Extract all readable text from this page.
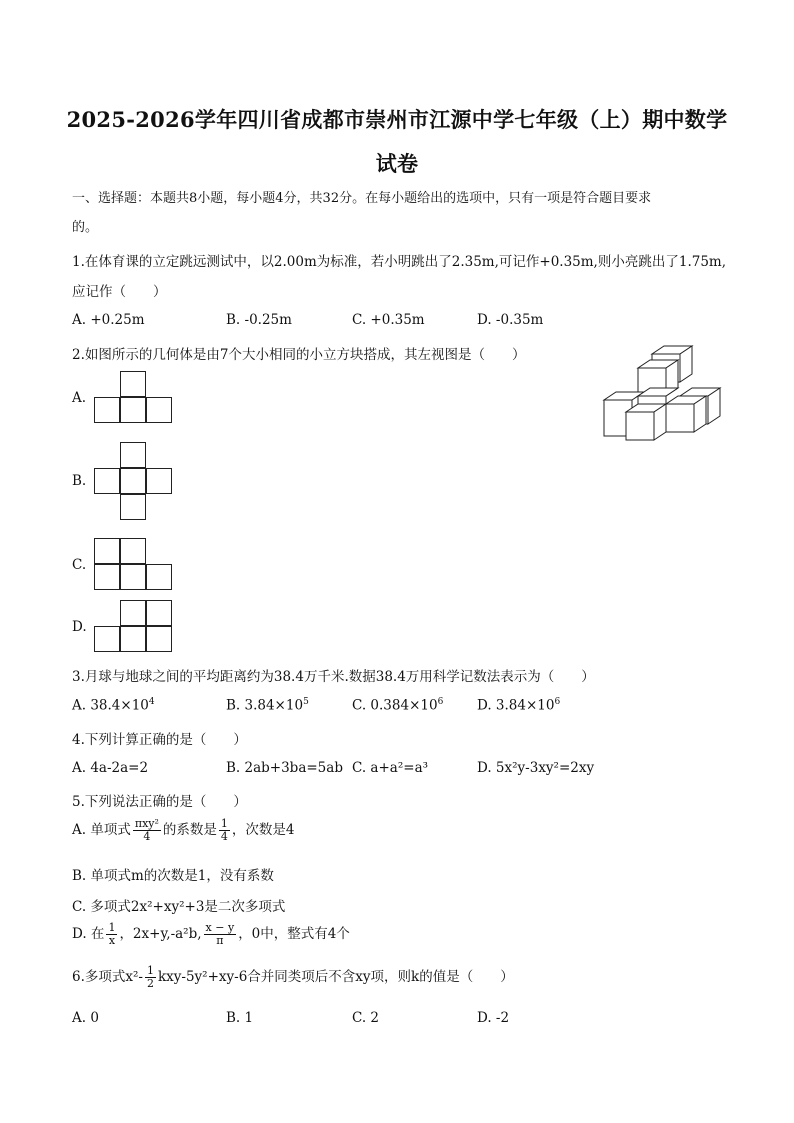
2025-2026学年四川省成都市崇州市江源中学七年级（上）期中数学
试卷
一、选择题：本题共8小题，每小题4分，共32分。在每小题给出的选项中，只有一项是符合题目要求
的。
1.在体育课的立定跳远测试中，以2.00m为标准，若小明跳出了2.35m,可记作+0.35m,则小亮跳出了1.75m,
应记作（　　）
A. +0.25m	B. -0.25m	C. +0.35m	D. -0.35m
2.如图所示的几何体是由7个大小相同的小立方块搭成，其左视图是（　　）
A.
B.
C.
D.
3.月球与地球之间的平均距离约为38.4万千米.数据38.4万用科学记数法表示为（　　）
A. $38.4\times 10^4$	B. $3.84\times 10^5$	C. $0.384\times 10^6$ D. $3.84\times 10^6$
4.下列计算正确的是（　　）
A. 4a-2a=2	B. 2ab+3ba=5ab C. a+a²=a³	D. 5x²y-3xy²=2xy
5.下列说法正确的是（　　）
A. 单项式 $\frac{\text{πxy²}}{4}$ 的系数是 $\frac{1}{4}$ ，次数是4
B. 单项式m的次数是1，没有系数
C. 多项式2x²+xy²+3是二次多项式
D. 在 $\frac{1}{x}$ ，2x+y,-a²b, $\frac{x - y}{\pi}$ ，0中，整式有4个
6.多项式$x^2- \frac{1}{2} kxy-5y^2+xy-6$合并同类项后不含xy项，则k的值是（　　）
A. 0	B. 1	C. 2	D. -2
